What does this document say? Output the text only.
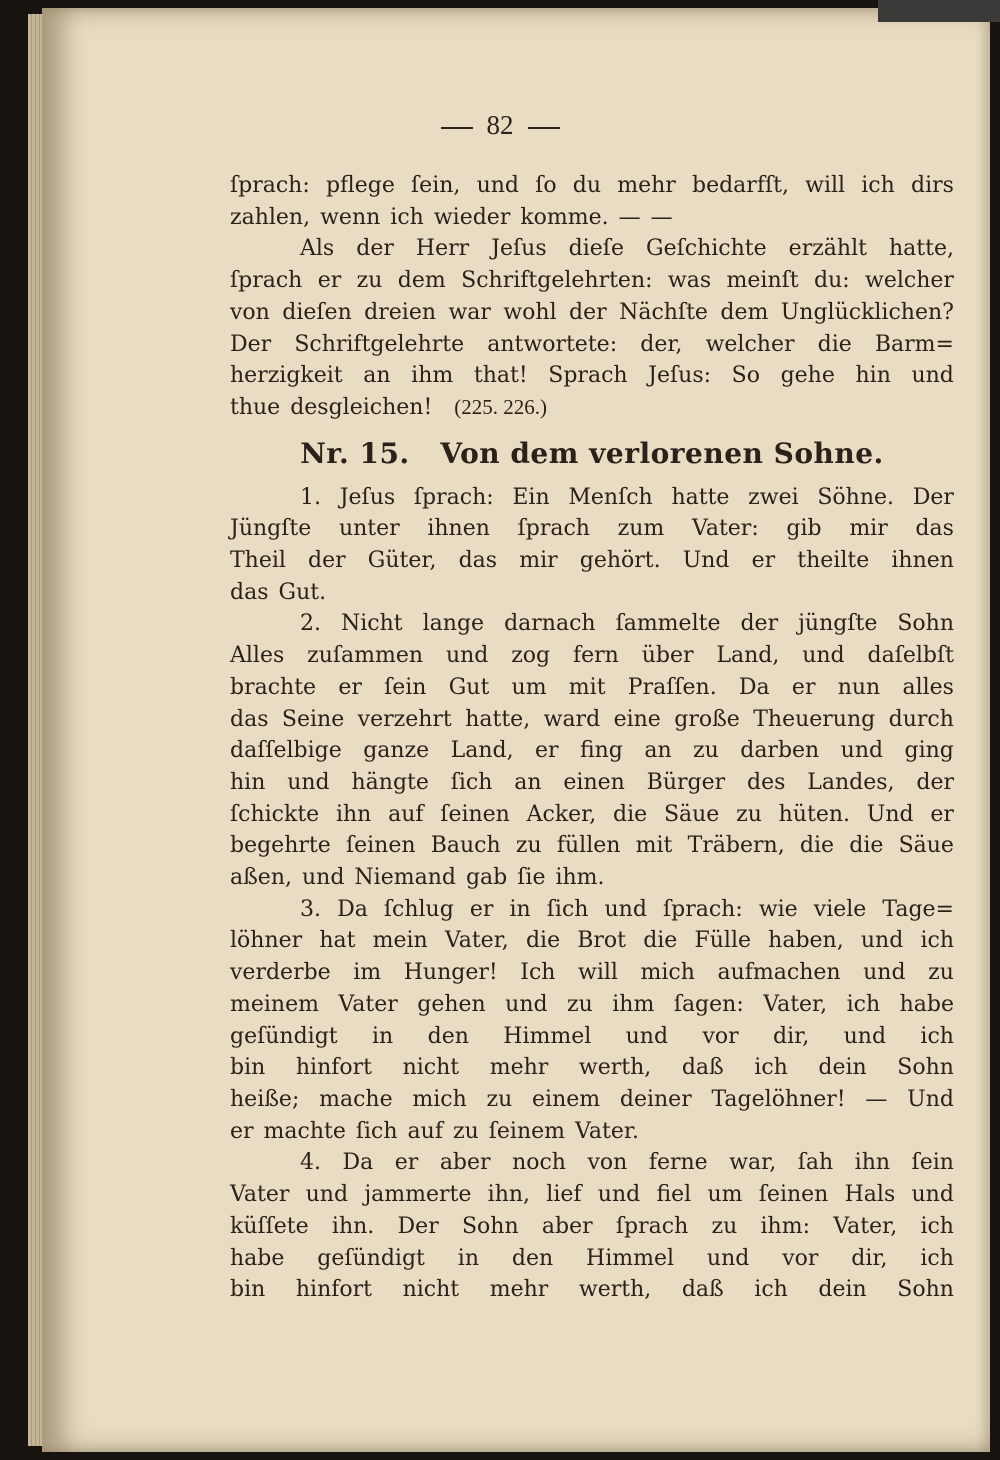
82
ſprach: pflege ſein, und ſo du mehr bedarfſt, will ich dirs
zahlen, wenn ich wieder komme. — —
Als der Herr Jeſus dieſe Geſchichte erzählt hatte,
ſprach er zu dem Schriftgelehrten: was meinſt du: welcher
von dieſen dreien war wohl der Nächſte dem Unglücklichen?
Der Schriftgelehrte antwortete: der, welcher die Barm=
herzigkeit an ihm that! Sprach Jeſus: So gehe hin und
thue desgleichen! (225. 226.)
Nr. 15.   Von dem verlorenen Sohne.
1. Jeſus ſprach: Ein Menſch hatte zwei Söhne. Der
Jüngſte unter ihnen ſprach zum Vater: gib mir das
Theil der Güter, das mir gehört. Und er theilte ihnen
das Gut.
2. Nicht lange darnach ſammelte der jüngſte Sohn
Alles zuſammen und zog fern über Land, und daſelbſt
brachte er ſein Gut um mit Praſſen. Da er nun alles
das Seine verzehrt hatte, ward eine große Theuerung durch
daſſelbige ganze Land, er fing an zu darben und ging
hin und hängte ſich an einen Bürger des Landes, der
ſchickte ihn auf ſeinen Acker, die Säue zu hüten. Und er
begehrte ſeinen Bauch zu füllen mit Träbern, die die Säue
aßen, und Niemand gab ſie ihm.
3. Da ſchlug er in ſich und ſprach: wie viele Tage=
löhner hat mein Vater, die Brot die Fülle haben, und ich
verderbe im Hunger! Ich will mich aufmachen und zu
meinem Vater gehen und zu ihm ſagen: Vater, ich habe
geſündigt in den Himmel und vor dir, und ich
bin hinfort nicht mehr werth, daß ich dein Sohn
heiße; mache mich zu einem deiner Tagelöhner! — Und
er machte ſich auf zu ſeinem Vater.
4. Da er aber noch von ferne war, ſah ihn ſein
Vater und jammerte ihn, lief und fiel um ſeinen Hals und
küſſete ihn. Der Sohn aber ſprach zu ihm: Vater, ich
habe geſündigt in den Himmel und vor dir, ich
bin hinfort nicht mehr werth, daß ich dein Sohn
